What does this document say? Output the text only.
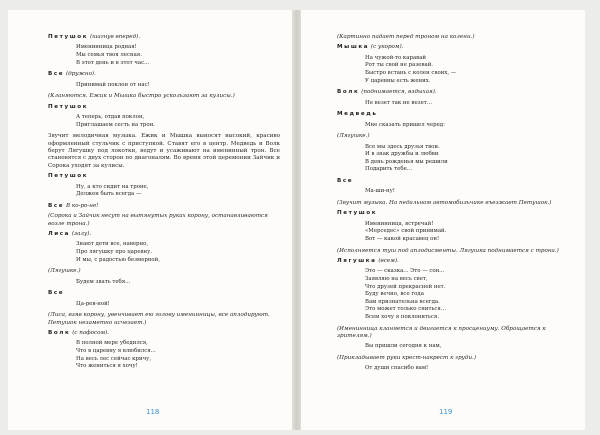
Петушок (шагнув вперед).

Именинница родная!
Мы семья твоя лесная.
В этот день и в этот час...

Все (дружно).

Принимай поклон от нас!

(Кланяются. Ежик и Мышка быстро ускользают за кулисы.)

Петушок

А теперь, отдав поклон,
Приглашаем сесть на трон.

Звучит мелодичная музыка. Ежик и Мышка выносят высокий, красиво оформленный стульчик с приступкой. Ставят его в центр. Медведь и Волк берут Лягушку под локотки, ведут и усаживают на именинный трон. Все становятся с двух сторон по диагоналям. Во время этой церемонии Зайчик и Сорока уходят за кулисы.

Петушок

Ну, а кто сидит на троне,
Должен быть всегда —

Все В ко-ро-не!

(Сорока и Зайчик несут на вытянутых руках корону, останавливаются возле трона.)

Лиса (залу).

Знают дети все, наверно,
Про лягушку про царевну.
И мы, с радостью безмерной,

(Лягушке.)

Будем звать тебя...

Все

Ца-рев-ной!

(Лиса, взяв корону, увенчивает ею голову именинницы, все аплодируют. Петушок незаметно исчезает.)

Волк (с пафосом).

В полной мере убедился,
Что в царевну я влюбился...
На весь лес сейчас кричу,
Что жениться я хочу!
118

(Картинно падает перед троном на колени.)

Мышка (с укором).

На чужой-то каравай
Рот ты свой не разевай.
Быстро встань с колен своих, —
У царевны есть жених.

Волк (поднимается, вздыхая).

Не везет так не везет...

Медведь

Мне сказать пришел черед:

(Лягушке.)

Все мы здесь друзья твои.
И в знак дружбы и любви
В день рожденья мы решили
Подарить тебе...

Все

Ма-ши-ну!

(Звучит музыка. На педальном автомобильчике въезжает Петушок.)

Петушок

Именинница, встречай!
«Мерседес» свой принимай.
Вот — какой красавец он!

(Исполняется туш под аплодисменты. Лягушка поднимается с трона.)

Лягушка (всем).

Это — сказка... Это — сон...
Заявляю на весь свет,
Что друзей прекрасней нет.
Буду вечно, все года
Вам признательна всегда.
Это может только сниться...
Всем хочу я поклониться.

(Именинница кланяется и двигается к просцениуму. Обращается к зрителям.)

Вы пришли сегодня к нам,

(Прикладывает руки крест-накрест к груди.)

От души спасибо вам!
119
